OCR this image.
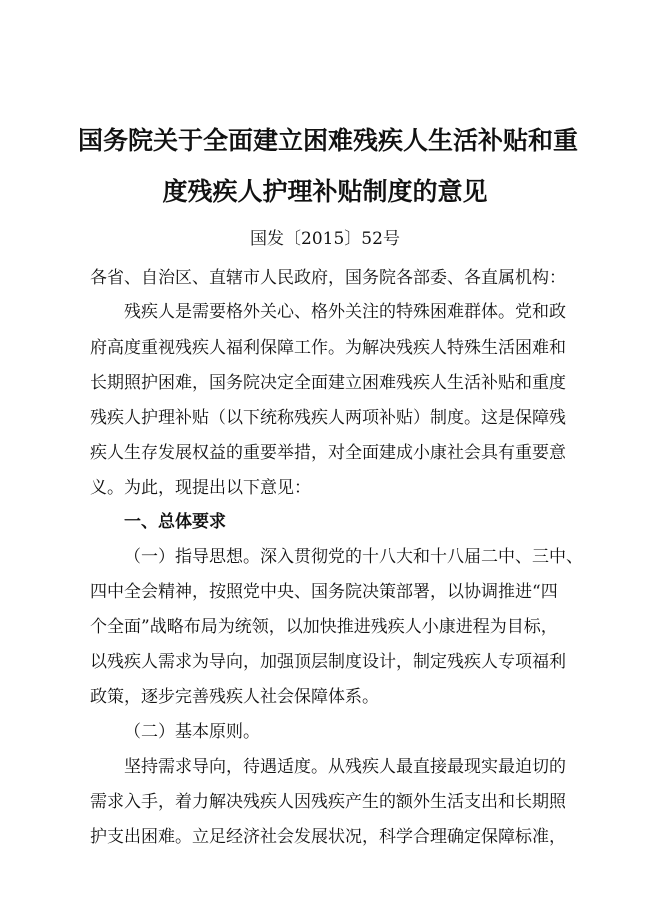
国务院关于全面建立困难残疾人生活补贴和重
度残疾人护理补贴制度的意见
国发〔2015〕52号
各省、自治区、直辖市人民政府，国务院各部委、各直属机构：
残疾人是需要格外关心、格外关注的特殊困难群体。党和政
府高度重视残疾人福利保障工作。为解决残疾人特殊生活困难和
长期照护困难，国务院决定全面建立困难残疾人生活补贴和重度
残疾人护理补贴（以下统称残疾人两项补贴）制度。这是保障残
疾人生存发展权益的重要举措，对全面建成小康社会具有重要意
义。为此，现提出以下意见：
一、总体要求
（一）指导思想。深入贯彻党的十八大和十八届二中、三中、
四中全会精神，按照党中央、国务院决策部署，以协调推进“四
个全面”战略布局为统领，以加快推进残疾人小康进程为目标，
以残疾人需求为导向，加强顶层制度设计，制定残疾人专项福利
政策，逐步完善残疾人社会保障体系。
（二）基本原则。
坚持需求导向，待遇适度。从残疾人最直接最现实最迫切的
需求入手，着力解决残疾人因残疾产生的额外生活支出和长期照
护支出困难。立足经济社会发展状况，科学合理确定保障标准，
